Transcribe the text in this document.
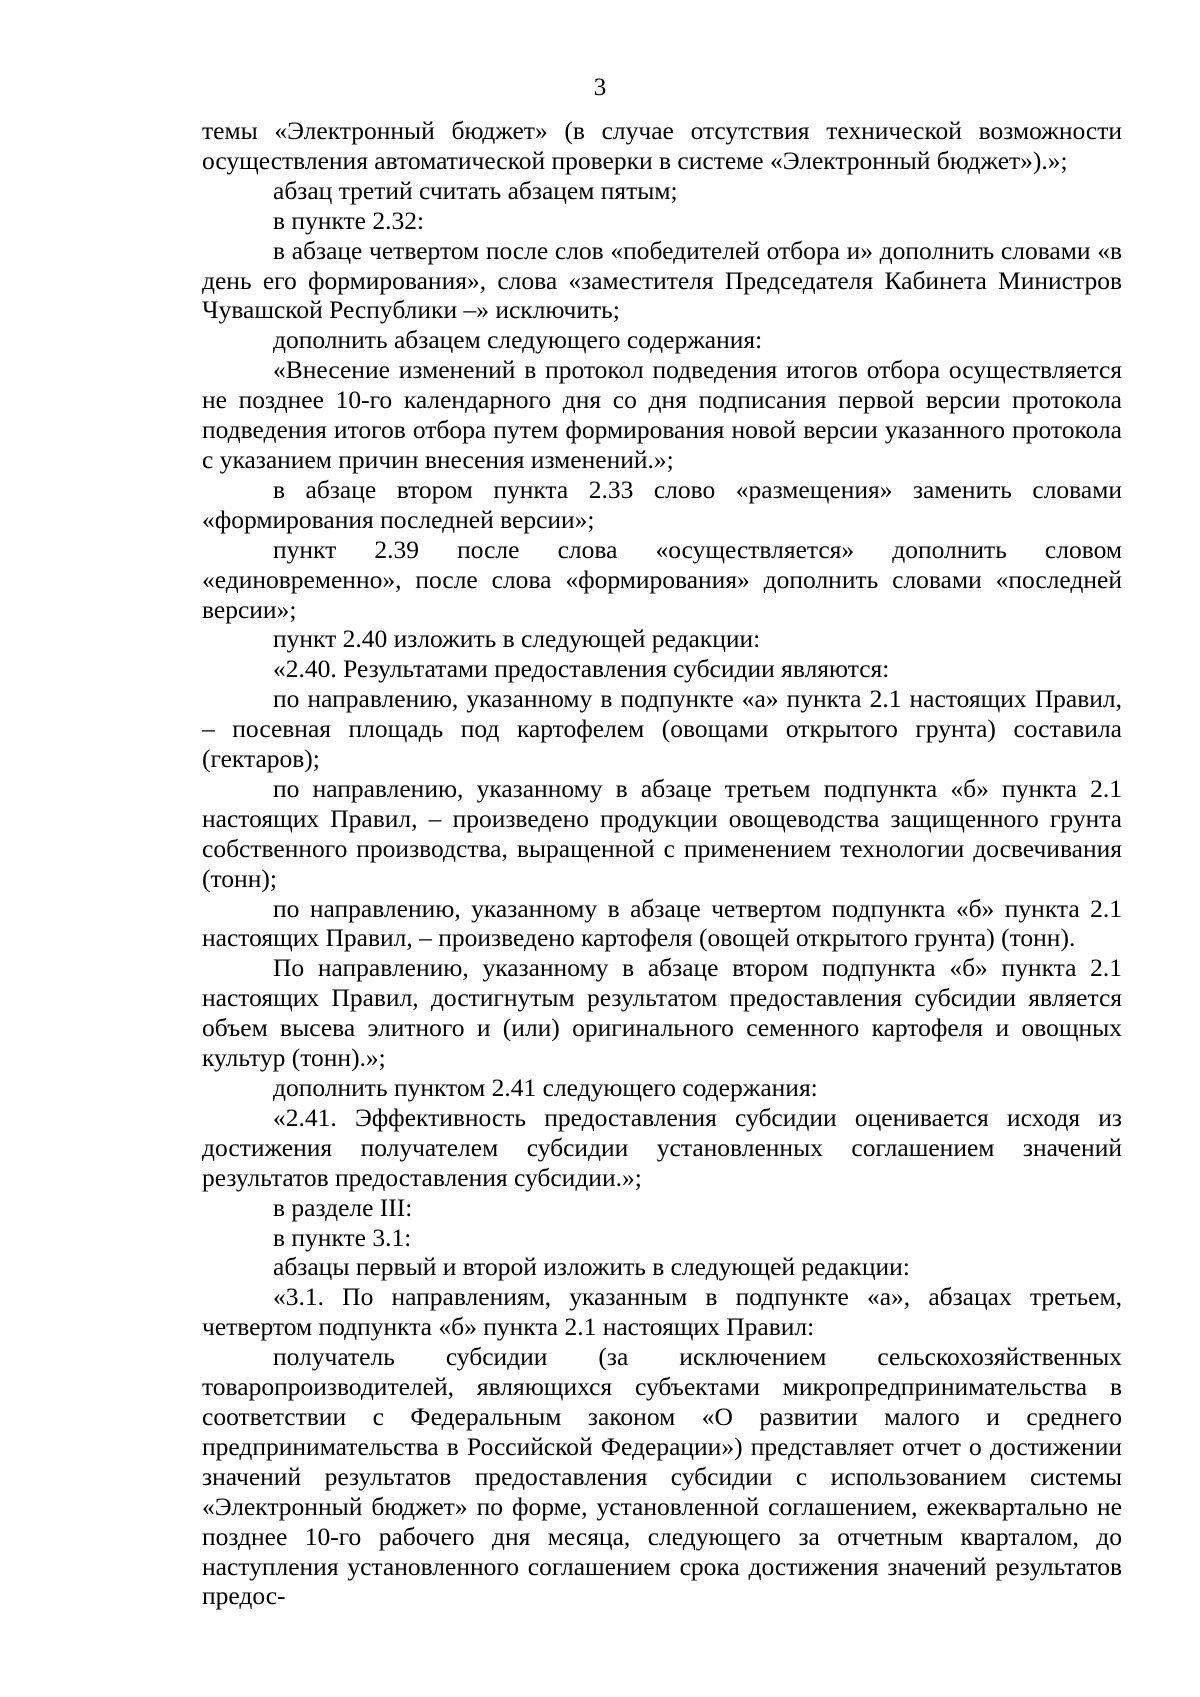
3

темы «Электронный бюджет» (в случае отсутствия технической возможности осуществления автоматической проверки в системе «Электронный бюджет»).»;

абзац третий считать абзацем пятым;

в пункте 2.32:

в абзаце четвертом после слов «победителей отбора и» дополнить словами «в день его формирования», слова «заместителя Председателя Кабинета Министров Чувашской Республики –» исключить;

дополнить абзацем следующего содержания:

«Внесение изменений в протокол подведения итогов отбора осуществляется не позднее 10-го календарного дня со дня подписания первой версии протокола подведения итогов отбора путем формирования новой версии указанного протокола с указанием причин внесения изменений.»;

в абзаце втором пункта 2.33 слово «размещения» заменить словами «формирования последней версии»;

пункт 2.39 после слова «осуществляется» дополнить словом «единовременно», после слова «формирования» дополнить словами «последней версии»;

пункт 2.40 изложить в следующей редакции:

«2.40. Результатами предоставления субсидии являются:

по направлению, указанному в подпункте «а» пункта 2.1 настоящих Правил, – посевная площадь под картофелем (овощами открытого грунта) составила (гектаров);

по направлению, указанному в абзаце третьем подпункта «б» пункта 2.1 настоящих Правил, – произведено продукции овощеводства защищенного грунта собственного производства, выращенной с применением технологии досвечивания (тонн);

по направлению, указанному в абзаце четвертом подпункта «б» пункта 2.1 настоящих Правил, – произведено картофеля (овощей открытого грунта) (тонн).

По направлению, указанному в абзаце втором подпункта «б» пункта 2.1 настоящих Правил, достигнутым результатом предоставления субсидии является объем высева элитного и (или) оригинального семенного картофеля и овощных культур (тонн).»;

дополнить пунктом 2.41 следующего содержания:

«2.41. Эффективность предоставления субсидии оценивается исходя из достижения получателем субсидии установленных соглашением значений результатов предоставления субсидии.»;

в разделе III:

в пункте 3.1:

абзацы первый и второй изложить в следующей редакции:

«3.1. По направлениям, указанным в подпункте «а», абзацах третьем, четвертом подпункта «б» пункта 2.1 настоящих Правил:

получатель субсидии (за исключением сельскохозяйственных товаропроизводителей, являющихся субъектами микропредпринимательства в соответствии с Федеральным законом «О развитии малого и среднего предпринимательства в Российской Федерации») представляет отчет о достижении значений результатов предоставления субсидии с использованием системы «Электронный бюджет» по форме, установленной соглашением, ежеквартально не позднее 10-го рабочего дня месяца, следующего за отчетным кварталом, до наступления установленного соглашением срока достижения значений результатов предос-
